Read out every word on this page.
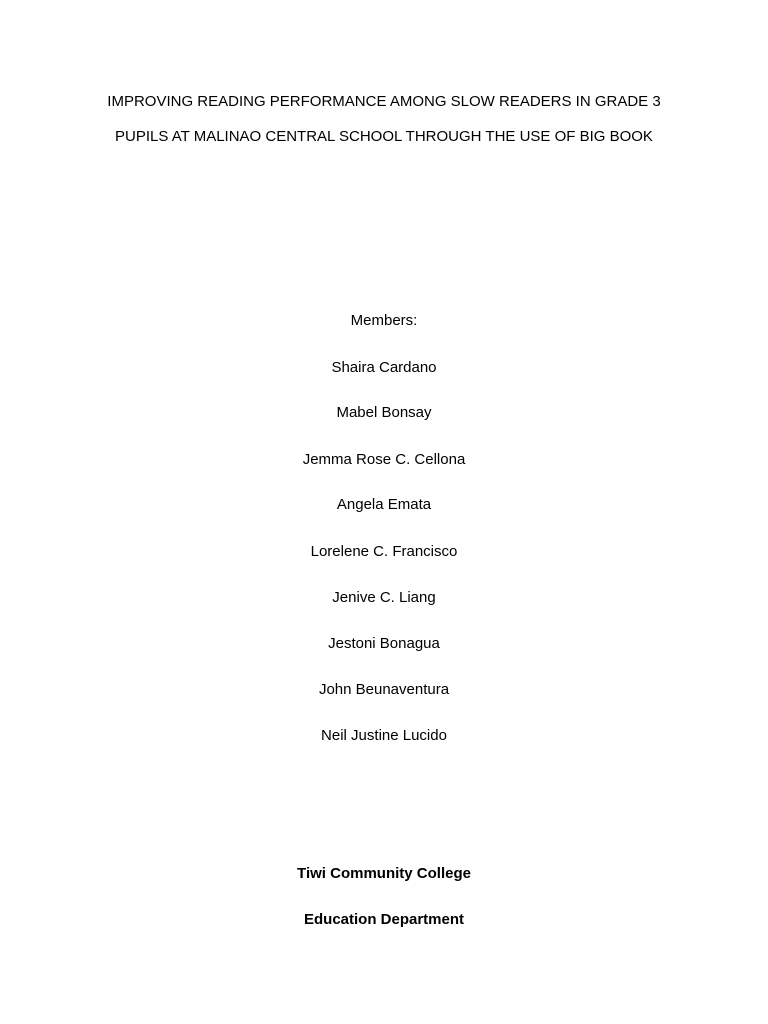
IMPROVING READING PERFORMANCE AMONG SLOW READERS IN GRADE 3
PUPILS AT MALINAO CENTRAL SCHOOL THROUGH THE USE OF BIG BOOK
Members:
Shaira Cardano
Mabel Bonsay
Jemma Rose C. Cellona
Angela Emata
Lorelene C. Francisco
Jenive C. Liang
Jestoni Bonagua
John Beunaventura
Neil Justine Lucido
Tiwi Community College
Education Department
